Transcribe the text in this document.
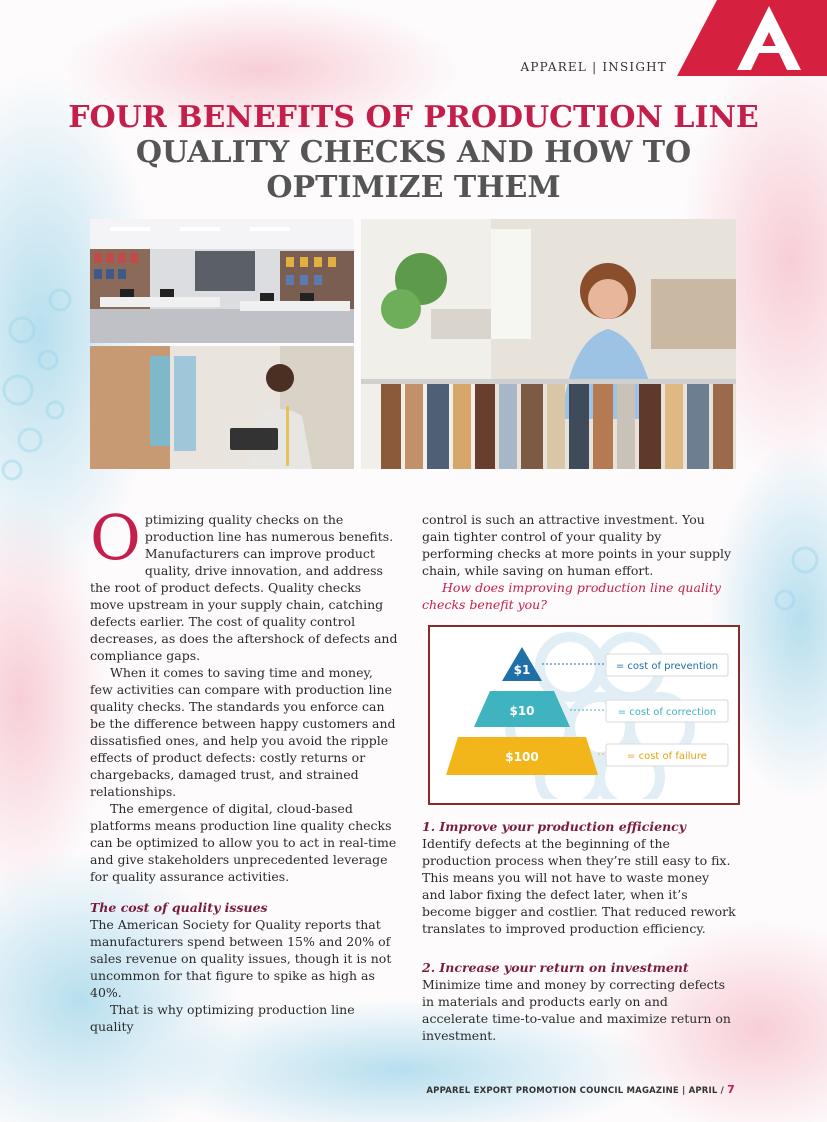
APPAREL | INSIGHT
FOUR BENEFITS OF PRODUCTION LINE
QUALITY CHECKS AND HOW TO
OPTIMIZE THEM

Optimizing quality checks on the production line has numerous benefits. Manufacturers can improve product quality, drive innovation, and address the root of product defects. Quality checks move upstream in your supply chain, catching defects earlier. The cost of quality control decreases, as does the aftershock of defects and compliance gaps.

When it comes to saving time and money, few activities can compare with production line quality checks. The standards you enforce can be the difference between happy customers and dissatisfied ones, and help you avoid the ripple effects of product defects: costly returns or chargebacks, damaged trust, and strained relationships.

The emergence of digital, cloud-based platforms means production line quality checks can be optimized to allow you to act in real-time and give stakeholders unprecedented leverage for quality assurance activities.

The cost of quality issues

The American Society for Quality reports that manufacturers spend between 15% and 20% of sales revenue on quality issues, though it is not uncommon for that figure to spike as high as 40%.

That is why optimizing production line quality

control is such an attractive investment. You gain tighter control of your quality by performing checks at more points in your supply chain, while saving on human effort.

How does improving production line quality checks benefit you?

$1
$10
$100
= cost of prevention
= cost of correction
= cost of failure

1. Improve your production efficiency

Identify defects at the beginning of the production process when they’re still easy to fix. This means you will not have to waste money and labor fixing the defect later, when it’s become bigger and costlier. That reduced rework translates to improved production efficiency.

2. Increase your return on investment

Minimize time and money by correcting defects in materials and products early on and accelerate time-to-value and maximize return on investment.

APPAREL EXPORT PROMOTION COUNCIL MAGAZINE | APRIL / 7
